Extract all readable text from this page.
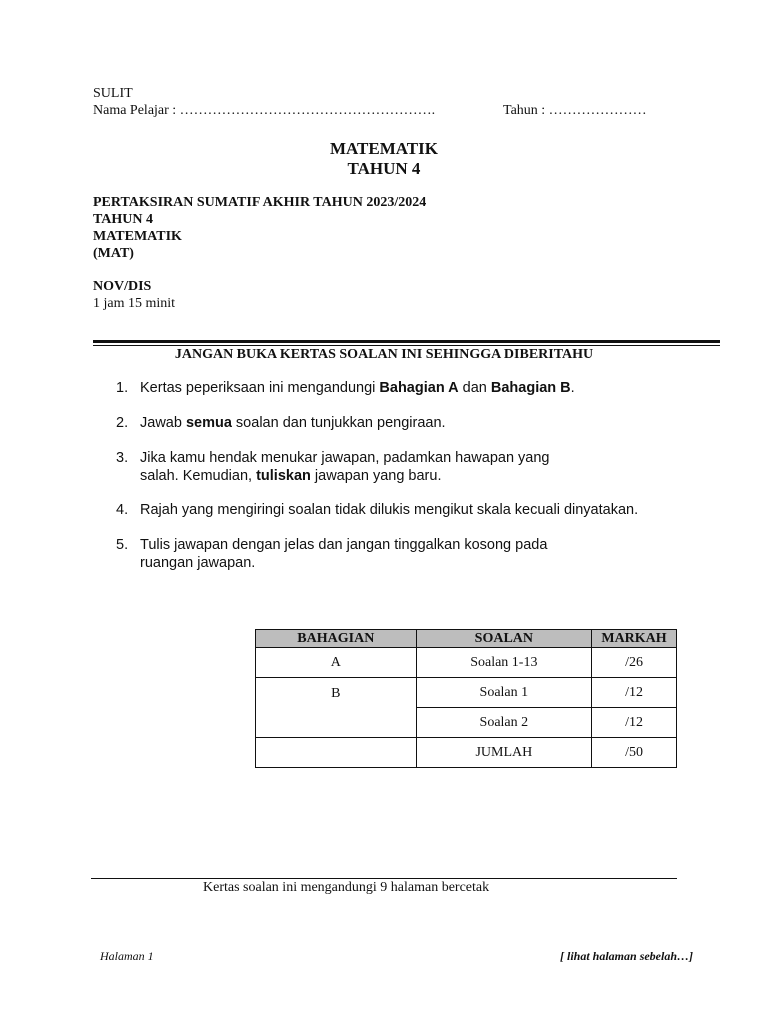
SULIT
Nama Pelajar : ……………………………………………….	Tahun : …………………
MATEMATIK
TAHUN 4
PERTAKSIRAN SUMATIF AKHIR TAHUN 2023/2024
TAHUN 4
MATEMATIK
(MAT)
NOV/DIS
1 jam 15 minit
JANGAN BUKA KERTAS SOALAN INI SEHINGGA DIBERITAHU
1. Kertas peperiksaan ini mengandungi Bahagian A dan Bahagian B.
2. Jawab semua soalan dan tunjukkan pengiraan.
3. Jika kamu hendak menukar jawapan, padamkan hawapan yang
salah. Kemudian, tuliskan jawapan yang baru.
4. Rajah yang mengiringi soalan tidak dilukis mengikut skala kecuali dinyatakan.
5. Tulis jawapan dengan jelas dan jangan tinggalkan kosong pada
ruangan jawapan.
BAHAGIAN	SOALAN	MARKAH
A	Soalan 1-13	/26
B	Soalan 1	/12
	Soalan 2	/12
	JUMLAH	/50
Kertas soalan ini mengandungi 9 halaman bercetak
Halaman 1	[ lihat halaman sebelah…]
